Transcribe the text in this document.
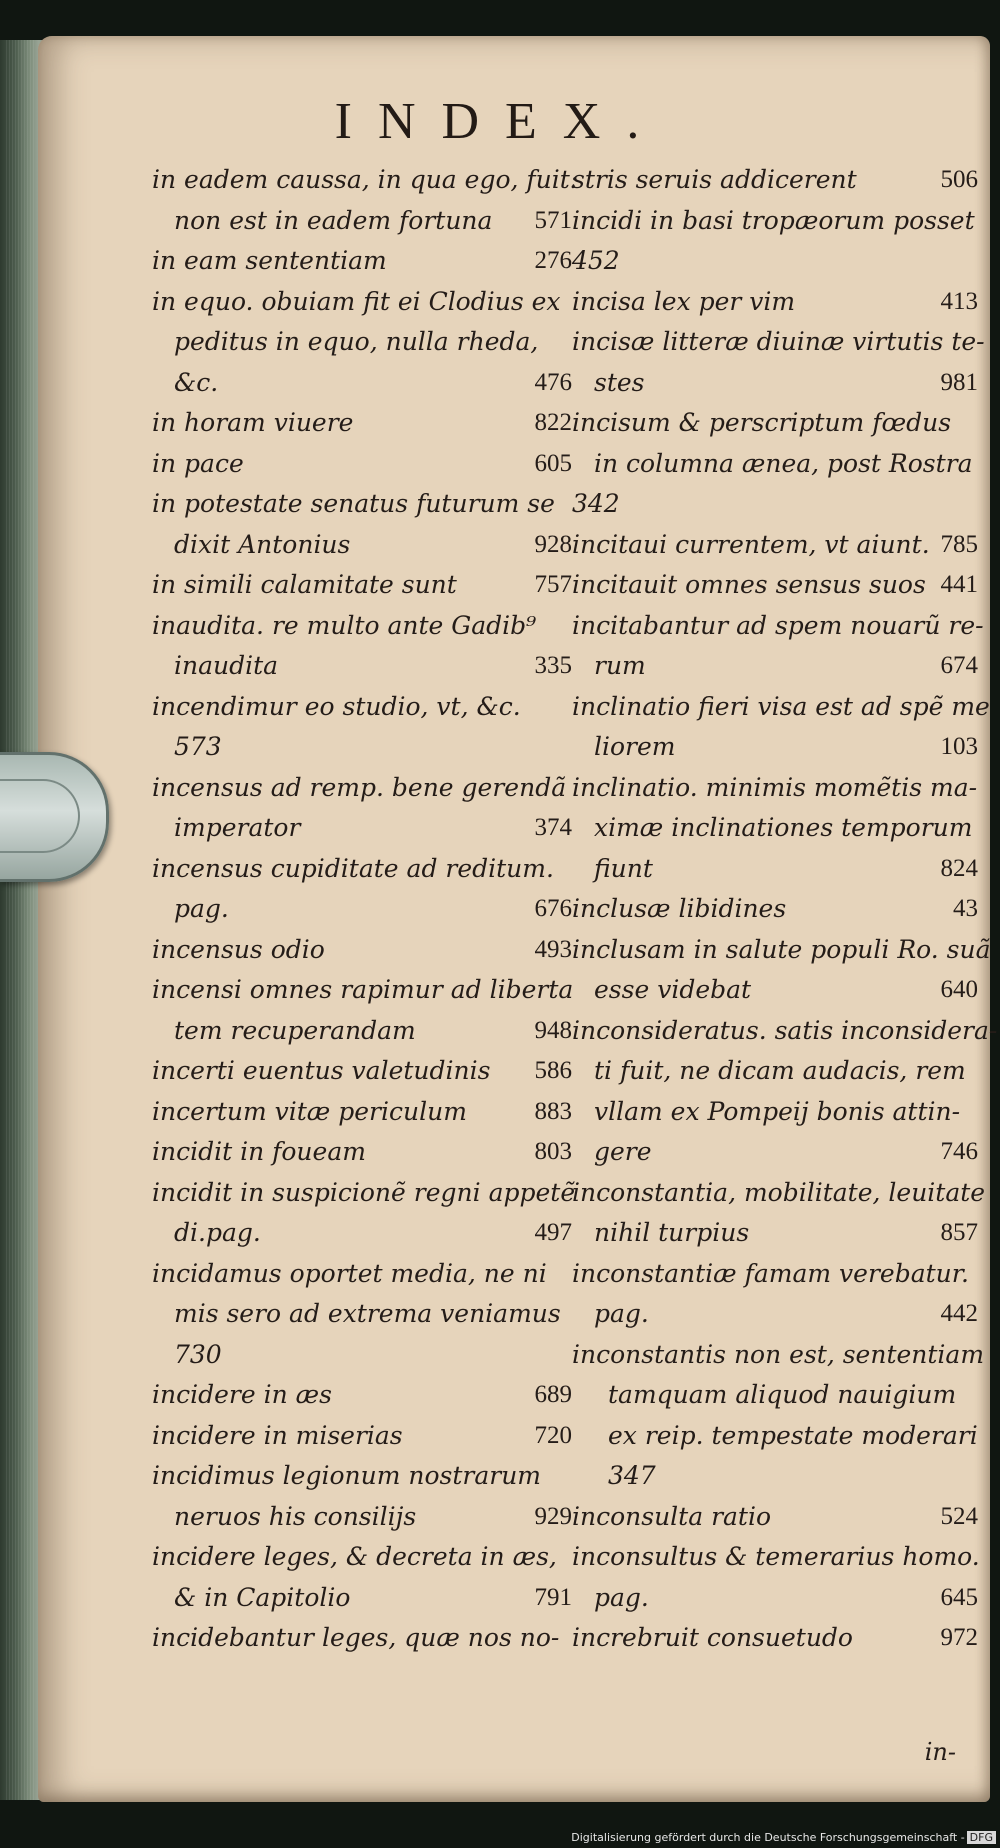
INDEX.
in eadem caussa, in qua ego, fuit:
non est in eadem fortuna 571
in eam sententiam	276
in equo. obuiam fit ei Clodius ex
peditus in equo, nulla rheda,
&c.	476
in horam viuere	822
in pace	605
in potestate senatus futurum se
dixit Antonius	928
in simili calamitate sunt	757
inaudita. re multo ante Gadib⁹
inaudita	335
incendimur eo studio, vt, &c.
573
incensus ad remp. bene gerendã
imperator	374
incensus cupiditate ad reditum.
pag.	676
incensus odio	493
incensi omnes rapimur ad liberta
tem recuperandam	948
incerti euentus valetudinis 586
incertum vitæ periculum	883
incidit in foueam	803
incidit in suspicionẽ regni appetẽ
di.pag.	497
incidamus oportet media, ne ni
mis sero ad extrema veniamus
730
incidere in æs	689
incidere in miserias	720
incidimus legionum nostrarum
neruos his consilijs	929
incidere leges, & decreta in æs,
& in Capitolio	791
incidebantur leges, quæ nos no-
stris seruis addicerent	506
incidi in basi tropæorum posset
452
incisa lex per vim	413
incisæ litteræ diuinæ virtutis te-
stes	981
incisum & perscriptum fœdus
in columna ænea, post Rostra
342
incitaui currentem, vt aiunt. 785
incitauit omnes sensus suos 441
incitabantur ad spem nouarũ re-
rum	674
inclinatio fieri visa est ad spẽ me
liorem	103
inclinatio. minimis momẽtis ma-
ximæ inclinationes temporum
fiunt	824
inclusæ libidines	43
inclusam in salute populi Ro. suã
esse videbat	640
inconsideratus. satis inconsidera-
ti fuit, ne dicam audacis, rem
vllam ex Pompeij bonis attin-
gere	746
inconstantia, mobilitate, leuitate
nihil turpius	857
inconstantiæ famam verebatur.
pag.	442
inconstantis non est, sententiam
tamquam aliquod nauigium
ex reip. tempestate moderari
347
inconsulta ratio	524
inconsultus & temerarius homo.
pag.	645
increbruit consuetudo	972
in-
Digitalisierung gefördert durch die Deutsche Forschungsgemeinschaft - DFG
